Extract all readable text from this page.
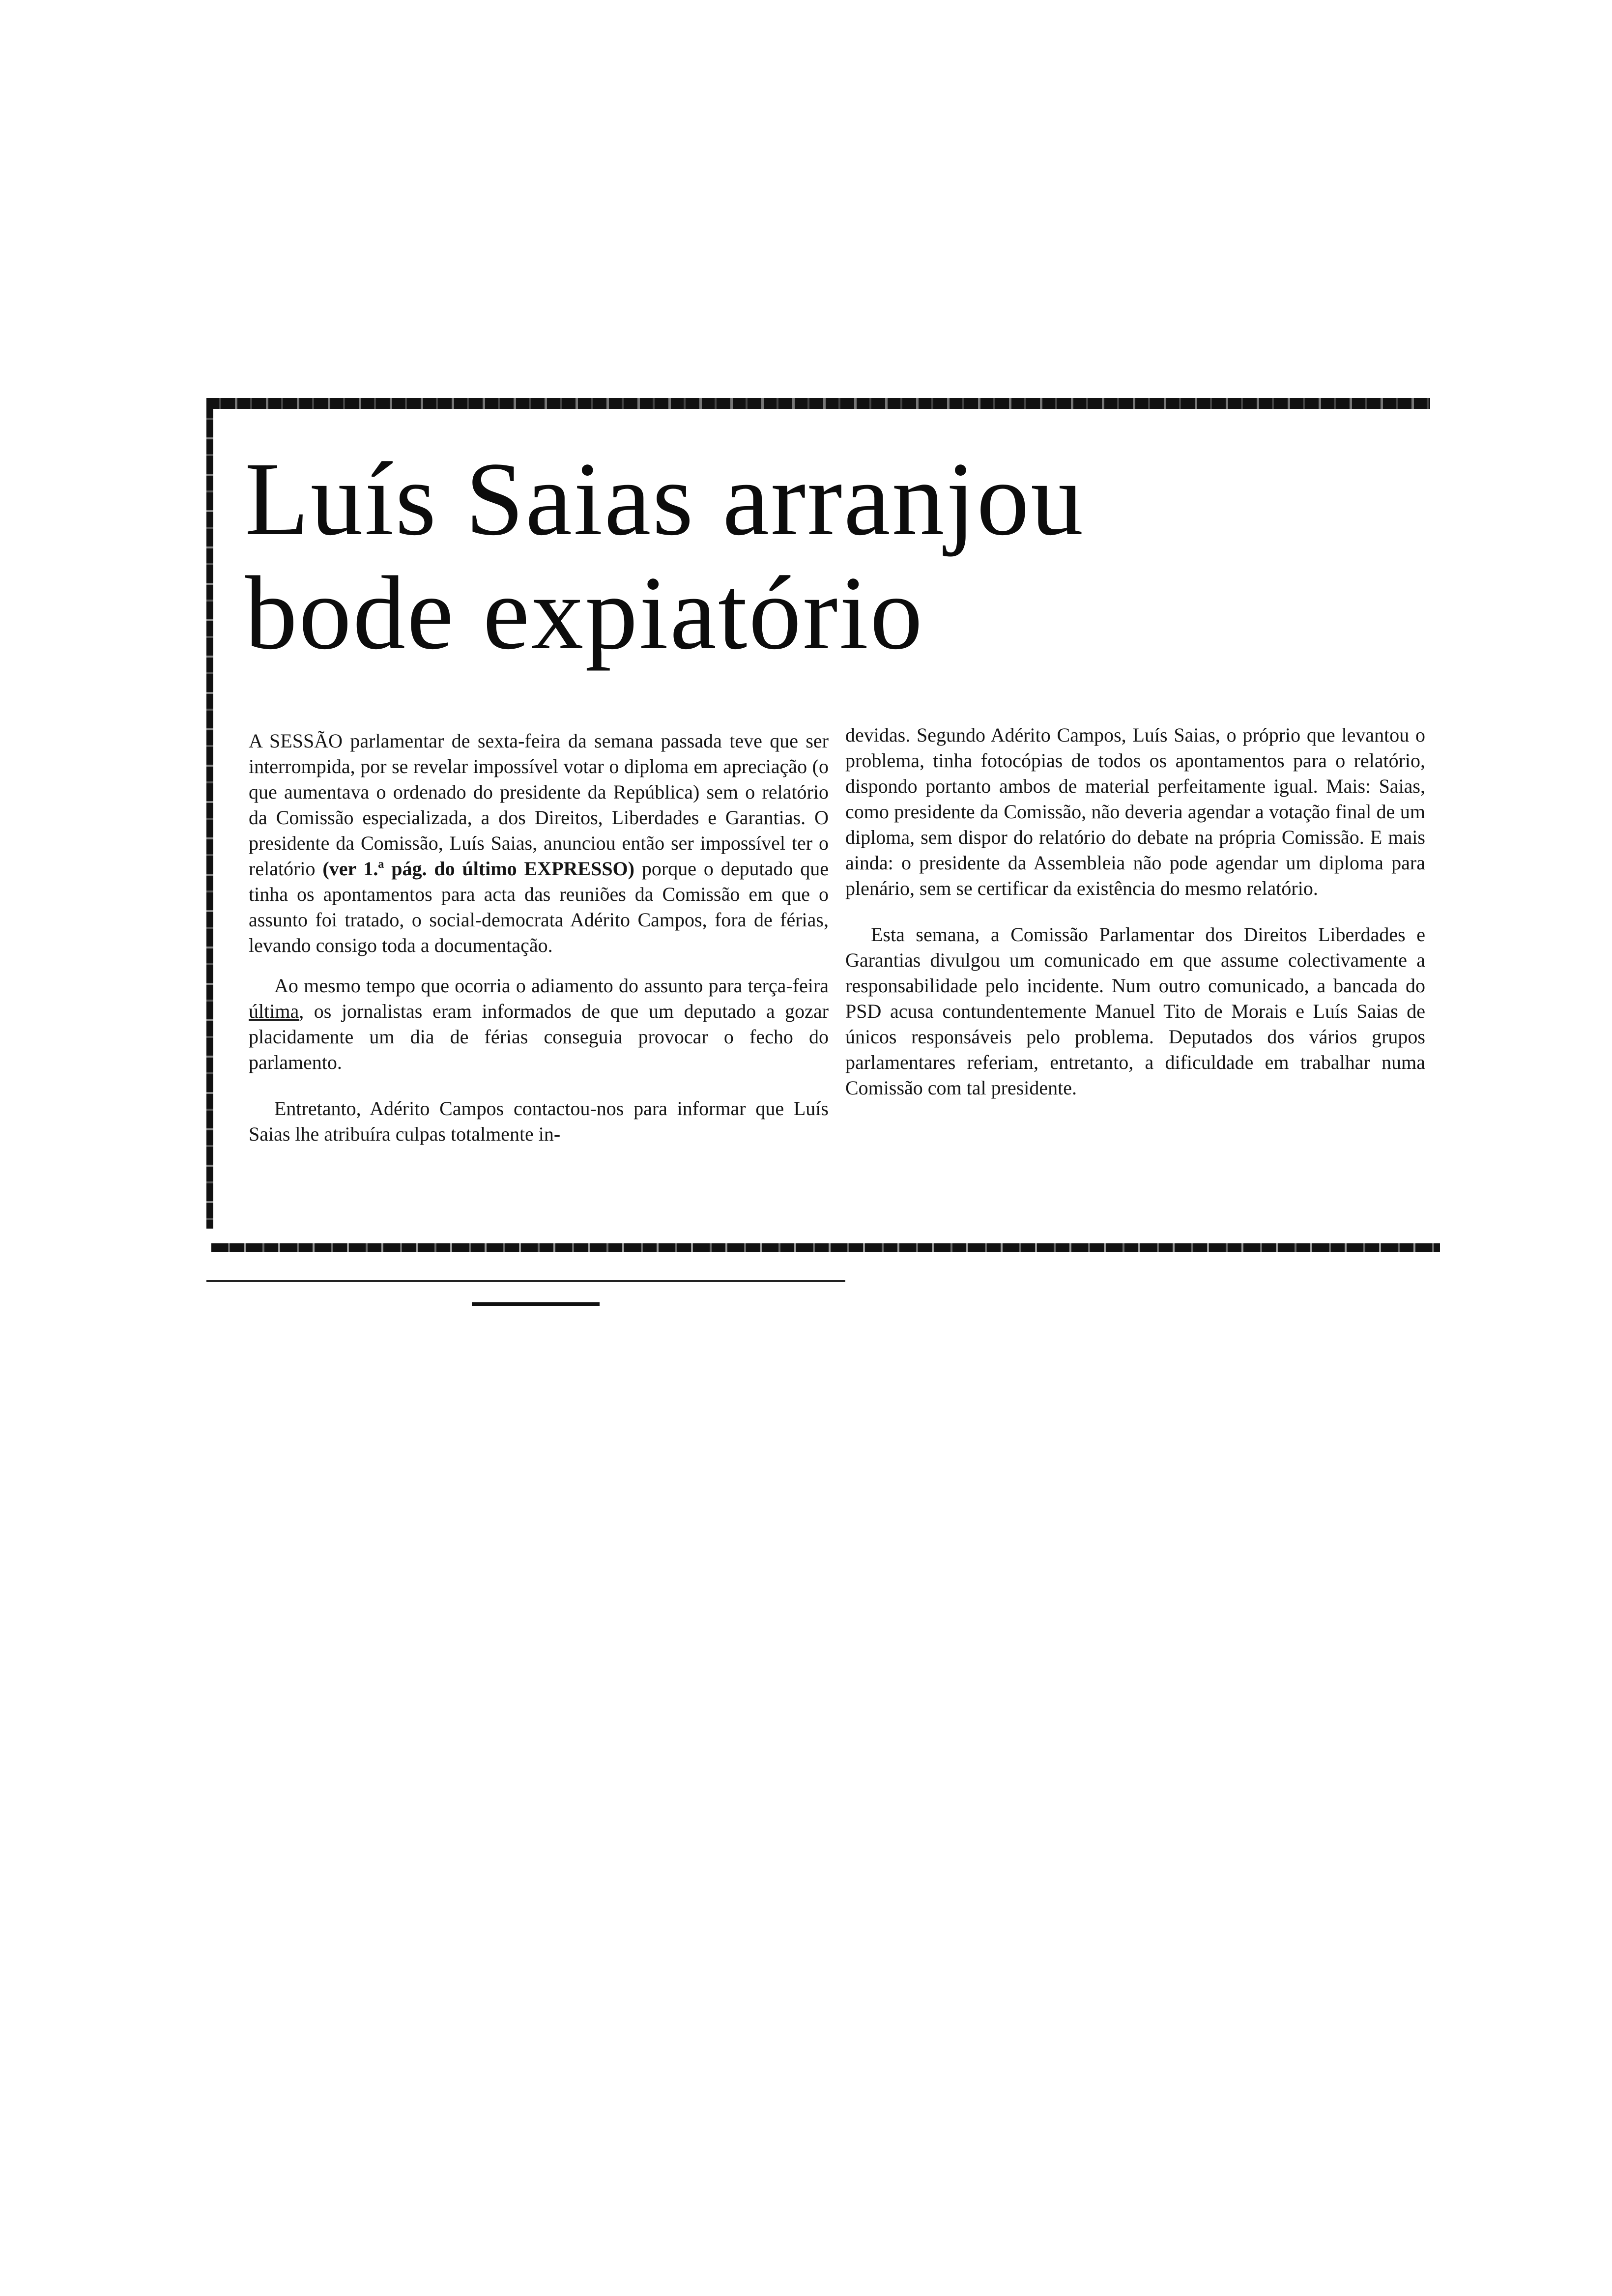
Luís Saias arranjou
bode expiatório

A SESSÃO parlamentar de sexta-feira da semana passada teve que ser interrompida, por se revelar impossível votar o diploma em apreciação (o que aumentava o ordenado do presidente da República) sem o relatório da Comissão especializada, a dos Direitos, Liberdades e Garantias. O presidente da Comissão, Luís Saias, anunciou então ser impossível ter o relatório (ver 1.ª pág. do último EXPRESSO) porque o deputado que tinha os apontamentos para acta das reuniões da Comissão em que o assunto foi tratado, o social-democrata Adérito Campos, fora de férias, levando consigo toda a documentação.

Ao mesmo tempo que ocorria o adiamento do assunto para terça-feira última, os jornalistas eram informados de que um deputado a gozar placidamente um dia de férias conseguia provocar o fecho do parlamento.

Entretanto, Adérito Campos contactou-nos para informar que Luís Saias lhe atribuíra culpas totalmente in-

devidas. Segundo Adérito Campos, Luís Saias, o próprio que levantou o problema, tinha fotocópias de todos os apontamentos para o relatório, dispondo portanto ambos de material perfeitamente igual. Mais: Saias, como presidente da Comissão, não deveria agendar a votação final de um diploma, sem dispor do relatório do debate na própria Comissão. E mais ainda: o presidente da Assembleia não pode agendar um diploma para plenário, sem se certificar da existência do mesmo relatório.

Esta semana, a Comissão Parlamentar dos Direitos Liberdades e Garantias divulgou um comunicado em que assume colectivamente a responsabilidade pelo incidente. Num outro comunicado, a bancada do PSD acusa contundentemente Manuel Tito de Morais e Luís Saias de únicos responsáveis pelo problema. Deputados dos vários grupos parlamentares referiam, entretanto, a dificuldade em trabalhar numa Comissão com tal presidente.
